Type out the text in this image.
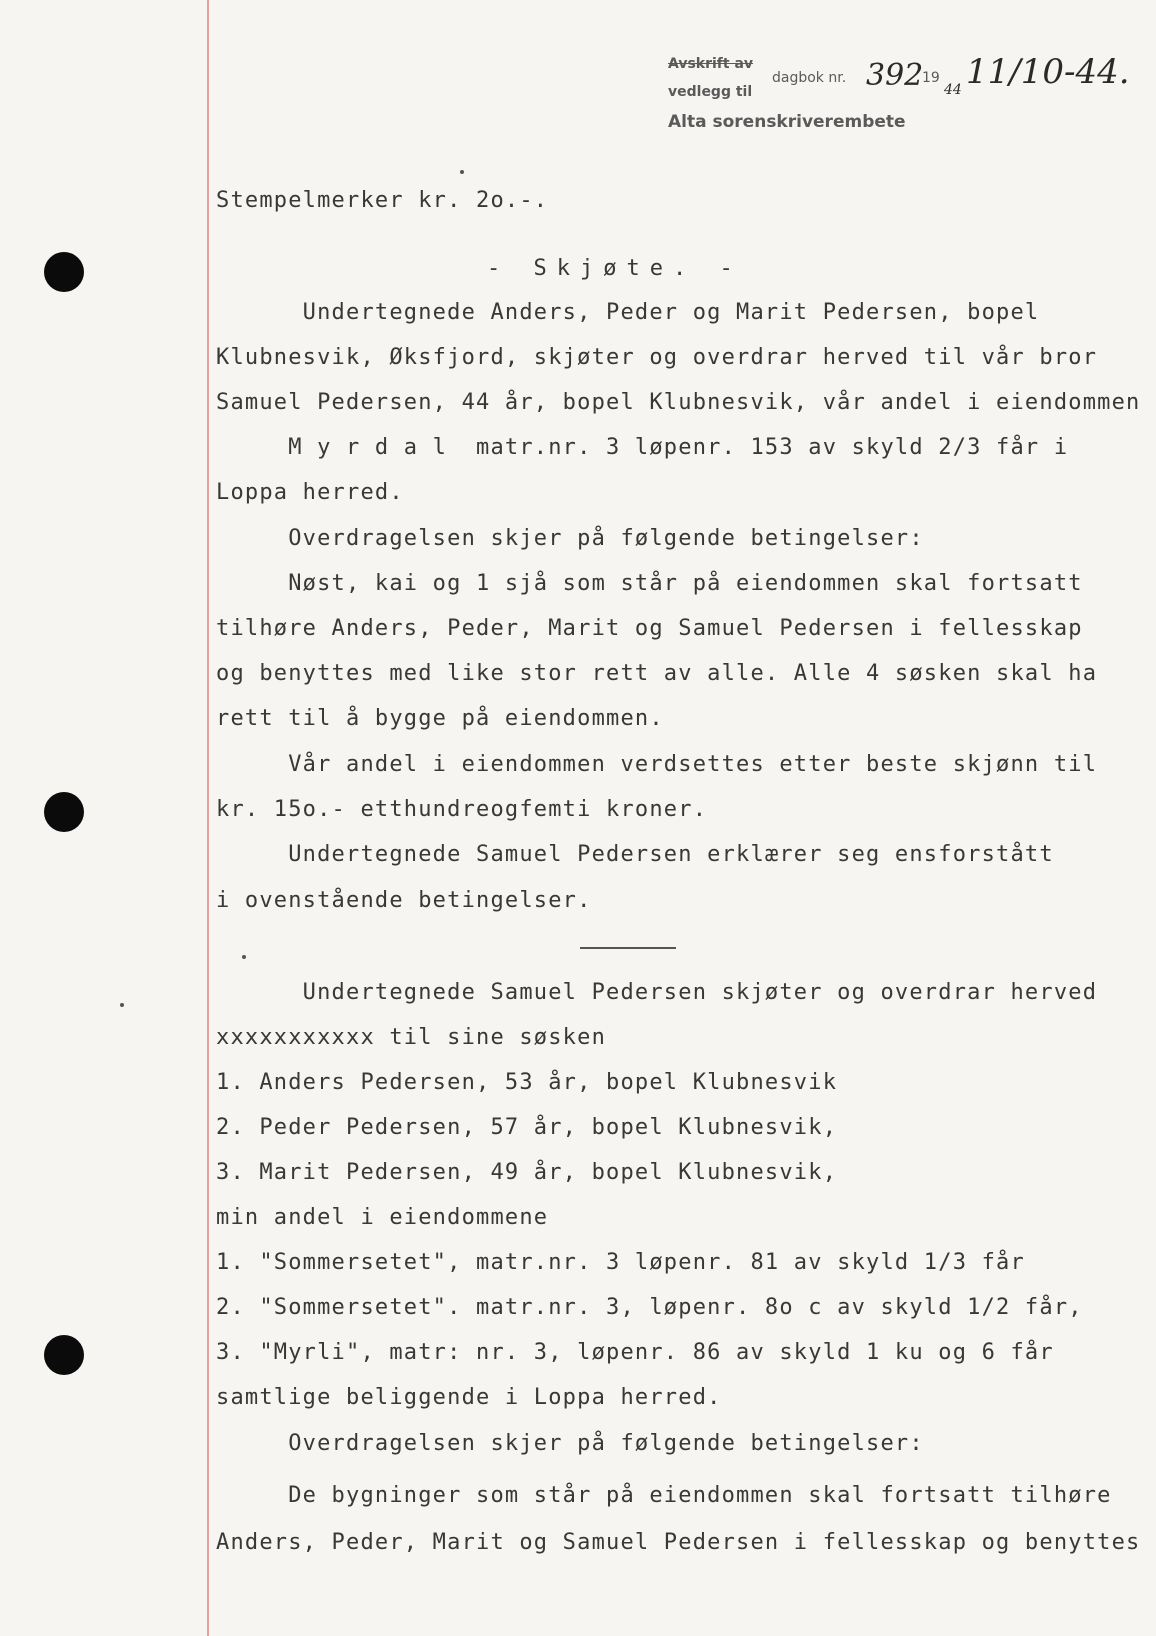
Avskrift av
vedlegg til
dagbok nr. 392
19
44 11/10-44.
Alta sorenskriverembete
Stempelmerker kr. 2o.-.
- Skjøte. -
Undertegnede Anders, Peder og Marit Pedersen, bopel
Klubnesvik, Øksfjord, skjøter og overdrar herved til vår bror
Samuel Pedersen, 44 år, bopel Klubnesvik, vår andel i eiendommen
M y r d a l  matr.nr. 3 løpenr. 153 av skyld 2/3 får i
Loppa herred.
Overdragelsen skjer på følgende betingelser:
Nøst, kai og 1 sjå som står på eiendommen skal fortsatt
tilhøre Anders, Peder, Marit og Samuel Pedersen i fellesskap
og benyttes med like stor rett av alle. Alle 4 søsken skal ha
rett til å bygge på eiendommen.
Vår andel i eiendommen verdsettes etter beste skjønn til
kr. 15o.- etthundreogfemti kroner.
Undertegnede Samuel Pedersen erklærer seg ensforstått
i ovenstående betingelser.
Undertegnede Samuel Pedersen skjøter og overdrar herved
xxxxxxxxxxx til sine søsken
1. Anders Pedersen, 53 år, bopel Klubnesvik
2. Peder Pedersen, 57 år, bopel Klubnesvik,
3. Marit Pedersen, 49 år, bopel Klubnesvik,
min andel i eiendommene
1. "Sommersetet", matr.nr. 3 løpenr. 81 av skyld 1/3 får
2. "Sommersetet". matr.nr. 3, løpenr. 8o c av skyld 1/2 får,
3. "Myrli", matr: nr. 3, løpenr. 86 av skyld 1 ku og 6 får
samtlige beliggende i Loppa herred.
Overdragelsen skjer på følgende betingelser:
De bygninger som står på eiendommen skal fortsatt tilhøre
Anders, Peder, Marit og Samuel Pedersen i fellesskap og benyttes
